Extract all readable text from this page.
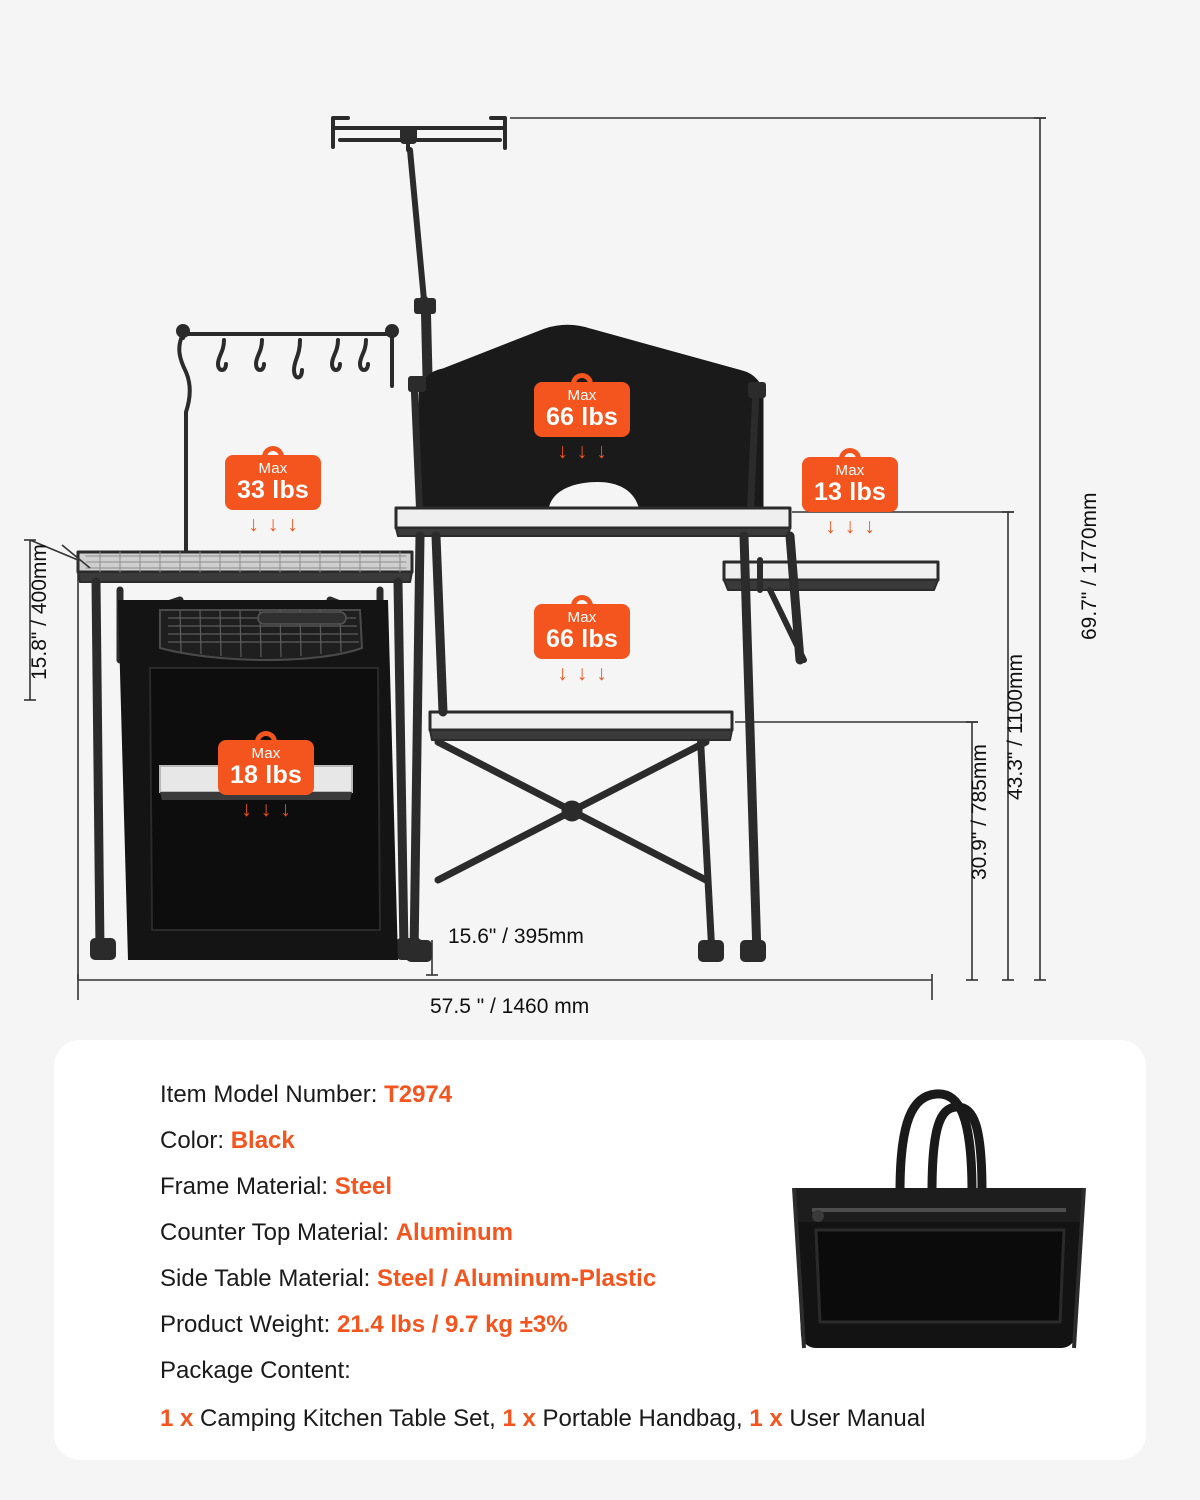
Max
33 lbs
↓↓↓
Max
66 lbs
↓↓↓
Max
13 lbs
↓↓↓
Max
66 lbs
↓↓↓
Max
18 lbs
↓↓↓
69.7" / 1770mm
43.3" / 1100mm
30.9" / 785mm
15.8" / 400mm
15.6" / 395mm
57.5 " / 1460 mm
Item Model Number: T2974
Color: Black
Frame Material: Steel
Counter Top Material: Aluminum
Side Table Material: Steel / Aluminum-Plastic
Product Weight: 21.4 lbs / 9.7 kg ±3%
Package Content:
1 x Camping Kitchen Table Set, 1 x Portable Handbag, 1 x User Manual
